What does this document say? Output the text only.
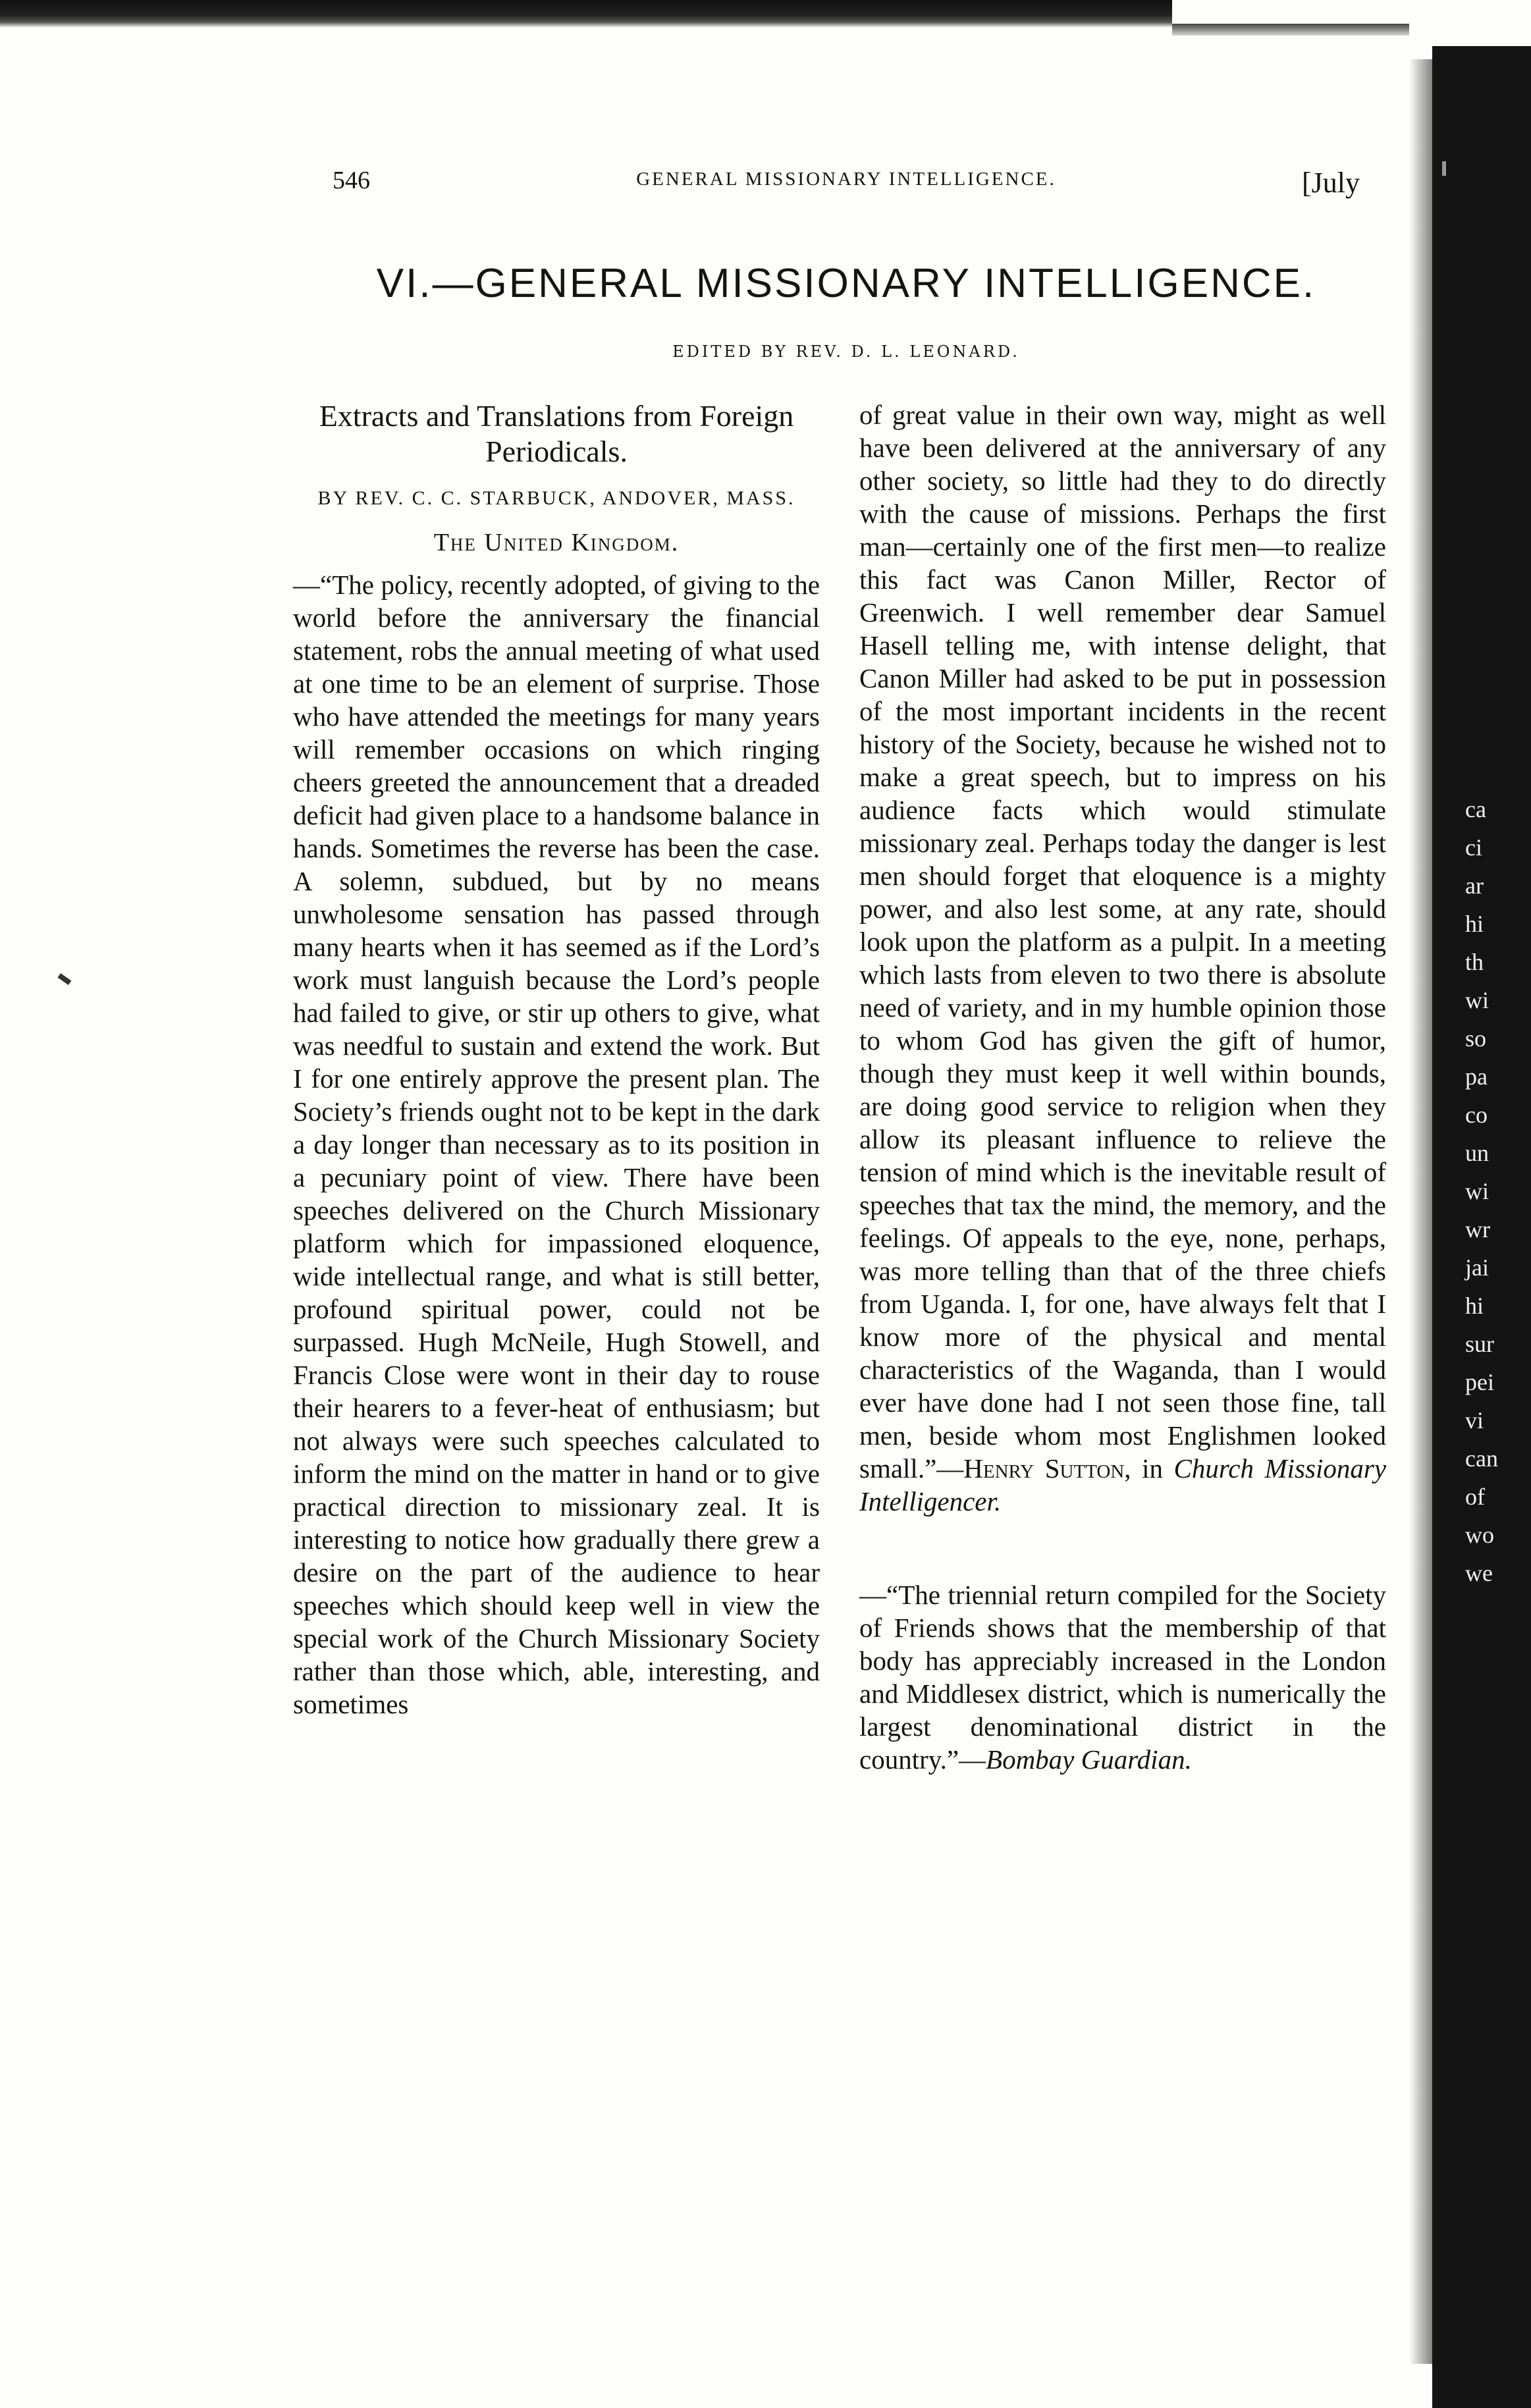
546	GENERAL MISSIONARY INTELLIGENCE.	[July
VI.—GENERAL MISSIONARY INTELLIGENCE.
EDITED BY REV. D. L. LEONARD.
Extracts and Translations from Foreign Periodicals.
BY REV. C. C. STARBUCK, ANDOVER, MASS.
The United Kingdom.

—“The policy, recently adopted, of giving to the world before the anniversary the financial statement, robs the annual meeting of what used at one time to be an element of surprise. Those who have attended the meetings for many years will remember occasions on which ringing cheers greeted the announcement that a dreaded deficit had given place to a handsome balance in hands. Sometimes the reverse has been the case. A solemn, subdued, but by no means unwholesome sensation has passed through many hearts when it has seemed as if the Lord’s work must languish because the Lord’s people had failed to give, or stir up others to give, what was needful to sustain and extend the work. But I for one entirely approve the present plan. The Society’s friends ought not to be kept in the dark a day longer than necessary as to its position in a pecuniary point of view. There have been speeches delivered on the Church Missionary platform which for impassioned eloquence, wide intellectual range, and what is still better, profound spiritual power, could not be surpassed. Hugh McNeile, Hugh Stowell, and Francis Close were wont in their day to rouse their hearers to a fever-heat of enthusiasm; but not always were such speeches calculated to inform the mind on the matter in hand or to give practical direction to missionary zeal. It is interesting to notice how gradually there grew a desire on the part of the audience to hear speeches which should keep well in view the special work of the Church Missionary Society rather than those which, able, interesting, and sometimes

of great value in their own way, might as well have been delivered at the anniversary of any other society, so little had they to do directly with the cause of missions. Perhaps the first man—certainly one of the first men—to realize this fact was Canon Miller, Rector of Greenwich. I well remember dear Samuel Hasell telling me, with intense delight, that Canon Miller had asked to be put in possession of the most important incidents in the recent history of the Society, because he wished not to make a great speech, but to impress on his audience facts which would stimulate missionary zeal. Perhaps today the danger is lest men should forget that eloquence is a mighty power, and also lest some, at any rate, should look upon the platform as a pulpit. In a meeting which lasts from eleven to two there is absolute need of variety, and in my humble opinion those to whom God has given the gift of humor, though they must keep it well within bounds, are doing good service to religion when they allow its pleasant influence to relieve the tension of mind which is the inevitable result of speeches that tax the mind, the memory, and the feelings. Of appeals to the eye, none, perhaps, was more telling than that of the three chiefs from Uganda. I, for one, have always felt that I know more of the physical and mental characteristics of the Waganda, than I would ever have done had I not seen those fine, tall men, beside whom most Englishmen looked small.”—Henry Sutton, in Church Missionary Intelligencer.

—“The triennial return compiled for the Society of Friends shows that the membership of that body has appreciably increased in the London and Middlesex district, which is numerically the largest denominational district in the country.”—Bombay Guardian.

ca
ci
ar
hi
th
wi
so
pa
co
un
wi
wr
jai
hi
sur
pei
vi
can
of
wo
we
